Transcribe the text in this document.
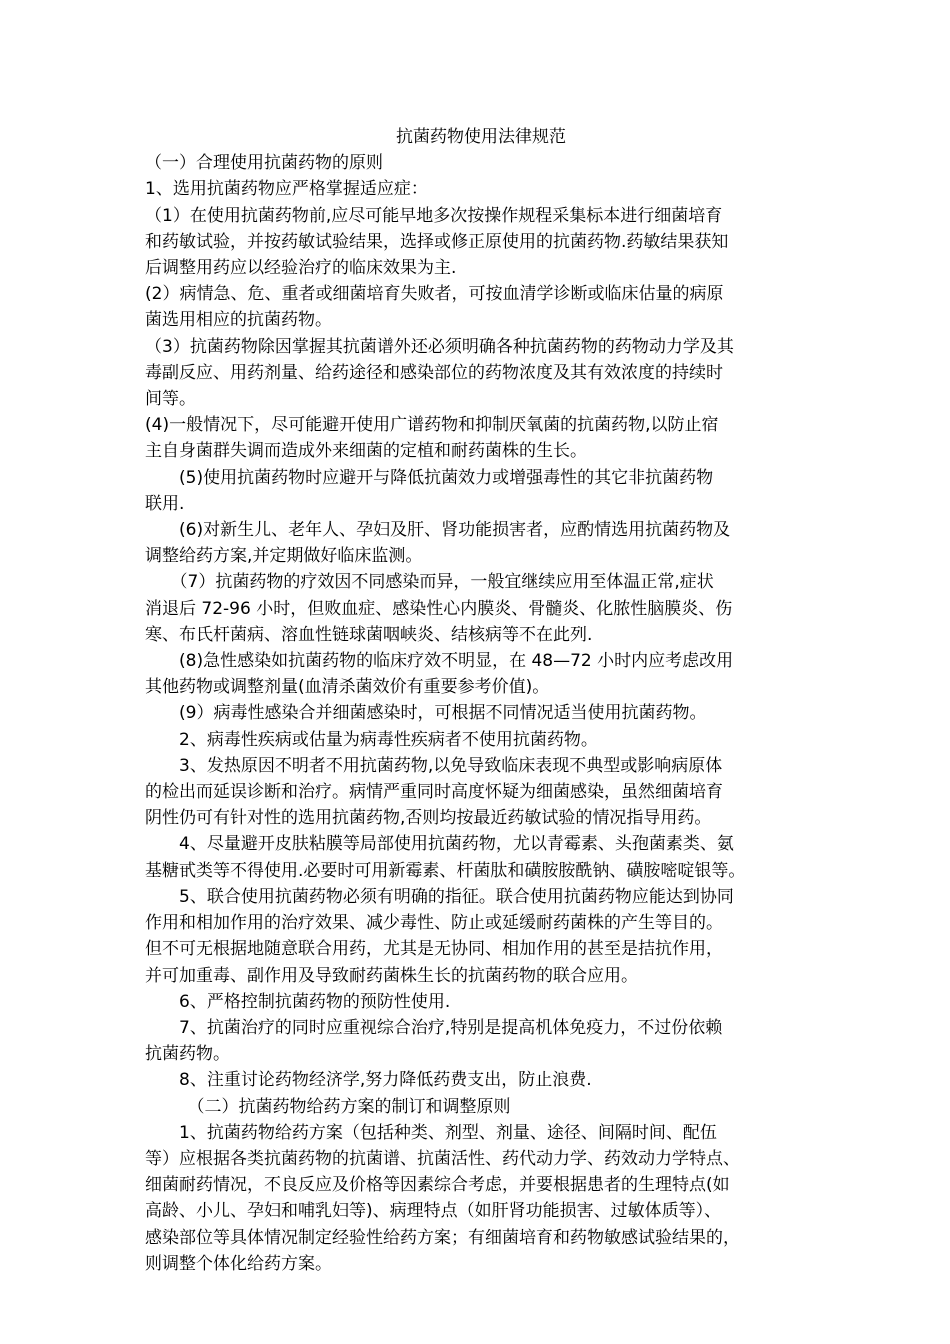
抗菌药物使用法律规范

（一）合理使用抗菌药物的原则

1、选用抗菌药物应严格掌握适应症：

（1）在使用抗菌药物前,应尽可能早地多次按操作规程采集标本进行细菌培育

和药敏试验，并按药敏试验结果，选择或修正原使用的抗菌药物.药敏结果获知

后调整用药应以经验治疗的临床效果为主.

(2）病情急、危、重者或细菌培育失败者，可按血清学诊断或临床估量的病原

菌选用相应的抗菌药物。

（3）抗菌药物除因掌握其抗菌谱外还必须明确各种抗菌药物的药物动力学及其

毒副反应、用药剂量、给药途径和感染部位的药物浓度及其有效浓度的持续时

间等。

(4)一般情况下，尽可能避开使用广谱药物和抑制厌氧菌的抗菌药物,以防止宿

主自身菌群失调而造成外来细菌的定植和耐药菌株的生长。

　　(5)使用抗菌药物时应避开与降低抗菌效力或增强毒性的其它非抗菌药物

联用.

　　(6)对新生儿、老年人、孕妇及肝、肾功能损害者，应酌情选用抗菌药物及

调整给药方案,并定期做好临床监测。

　　（7）抗菌药物的疗效因不同感染而异，一般宜继续应用至体温正常,症状

消退后 72-96 小时，但败血症、感染性心内膜炎、骨髓炎、化脓性脑膜炎、伤

寒、布氏杆菌病、溶血性链球菌咽峡炎、结核病等不在此列.

　　(8)急性感染如抗菌药物的临床疗效不明显，在 48—72 小时内应考虑改用

其他药物或调整剂量(血清杀菌效价有重要参考价值)。

　　(9）病毒性感染合并细菌感染时，可根据不同情况适当使用抗菌药物。

　　2、病毒性疾病或估量为病毒性疾病者不使用抗菌药物。

　　3、发热原因不明者不用抗菌药物,以免导致临床表现不典型或影响病原体

的检出而延误诊断和治疗。病情严重同时高度怀疑为细菌感染，虽然细菌培育

阴性仍可有针对性的选用抗菌药物,否则均按最近药敏试验的情况指导用药。

　　4、尽量避开皮肤粘膜等局部使用抗菌药物，尤以青霉素、头孢菌素类、氨

基糖甙类等不得使用.必要时可用新霉素、杆菌肽和磺胺胺酰钠、磺胺嘧啶银等。

　　5、联合使用抗菌药物必须有明确的指征。联合使用抗菌药物应能达到协同

作用和相加作用的治疗效果、减少毒性、防止或延缓耐药菌株的产生等目的。

但不可无根据地随意联合用药，尤其是无协同、相加作用的甚至是拮抗作用，

并可加重毒、副作用及导致耐药菌株生长的抗菌药物的联合应用。

　　6、严格控制抗菌药物的预防性使用.

　　7、抗菌治疗的同时应重视综合治疗,特别是提高机体免疫力，不过份依赖

抗菌药物。

　　8、注重讨论药物经济学,努力降低药费支出，防止浪费.

　　　（二）抗菌药物给药方案的制订和调整原则

　　1、抗菌药物给药方案（包括种类、剂型、剂量、途径、间隔时间、配伍

等）应根据各类抗菌药物的抗菌谱、抗菌活性、药代动力学、药效动力学特点、

细菌耐药情况，不良反应及价格等因素综合考虑，并要根据患者的生理特点(如

高龄、小儿、孕妇和哺乳妇等)、病理特点（如肝肾功能损害、过敏体质等）、

感染部位等具体情况制定经验性给药方案；有细菌培育和药物敏感试验结果的，

则调整个体化给药方案。
